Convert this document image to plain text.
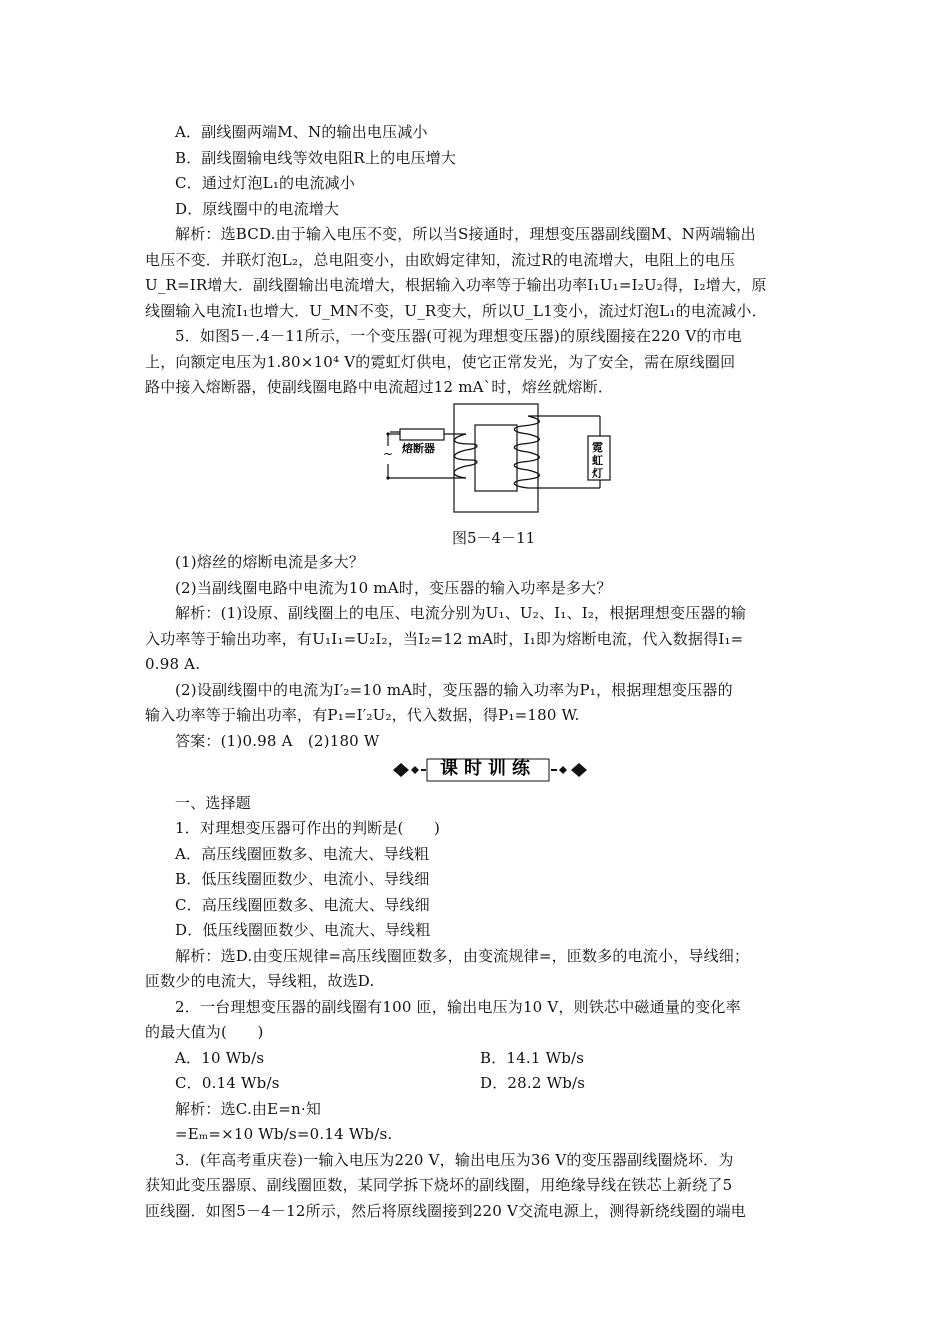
A．副线圈两端M、N的输出电压减小
B．副线圈输电线等效电阻R上的电压增大
C．通过灯泡L₁的电流减小
D．原线圈中的电流增大
解析：选BCD.由于输入电压不变，所以当S接通时，理想变压器副线圈M、N两端输出
电压不变．并联灯泡L₂，总电阻变小，由欧姆定律知，流过R的电流增大，电阻上的电压
U_R=IR增大．副线圈输出电流增大，根据输入功率等于输出功率I₁U₁=I₂U₂得，I₂增大，原
线圈输入电流I₁也增大．U_MN不变，U_R变大，所以U_L1变小，流过灯泡L₁的电流减小．
5．如图5－.4－11所示，一个变压器(可视为理想变压器)的原线圈接在220 V的市电
上，向额定电压为1.80×10⁴ V的霓虹灯供电，使它正常发光，为了安全，需在原线圈回
路中接入熔断器，使副线圈电路中电流超过12 mA`时，熔丝就熔断．
~ 熔断器	霓
虹
灯
图5－4－11
(1)熔丝的熔断电流是多大？
(2)当副线圈电路中电流为10 mA时，变压器的输入功率是多大？
解析：(1)设原、副线圈上的电压、电流分别为U₁、U₂、I₁、I₂，根据理想变压器的输
入功率等于输出功率，有U₁I₁=U₂I₂，当I₂=12 mA时，I₁即为熔断电流，代入数据得I₁=
0.98 A.
(2)设副线圈中的电流为I′₂=10 mA时，变压器的输入功率为P₁，根据理想变压器的
输入功率等于输出功率，有P₁=I′₂U₂，代入数据，得P₁=180 W.
答案：(1)0.98 A　(2)180 W
课时训练
一、选择题
1．对理想变压器可作出的判断是(　　)
A．高压线圈匝数多、电流大、导线粗
B．低压线圈匝数少、电流小、导线细
C．高压线圈匝数多、电流大、导线细
D．低压线圈匝数少、电流大、导线粗
解析：选D.由变压规律=高压线圈匝数多，由变流规律=，匝数多的电流小，导线细；
匝数少的电流大，导线粗，故选D.
2．一台理想变压器的副线圈有100 匝，输出电压为10 V，则铁芯中磁通量的变化率
的最大值为(　　)
A．10 Wb/s	B．14.1 Wb/s
C．0.14 Wb/s	D．28.2 Wb/s
解析：选C.由E=n·知
=Eₘ=×10 Wb/s=0.14 Wb/s.
3．(年高考重庆卷)一输入电压为220 V，输出电压为36 V的变压器副线圈烧坏．为
获知此变压器原、副线圈匝数，某同学拆下烧坏的副线圈，用绝缘导线在铁芯上新绕了5
匝线圈．如图5－4－12所示，然后将原线圈接到220 V交流电源上，测得新绕线圈的端电
